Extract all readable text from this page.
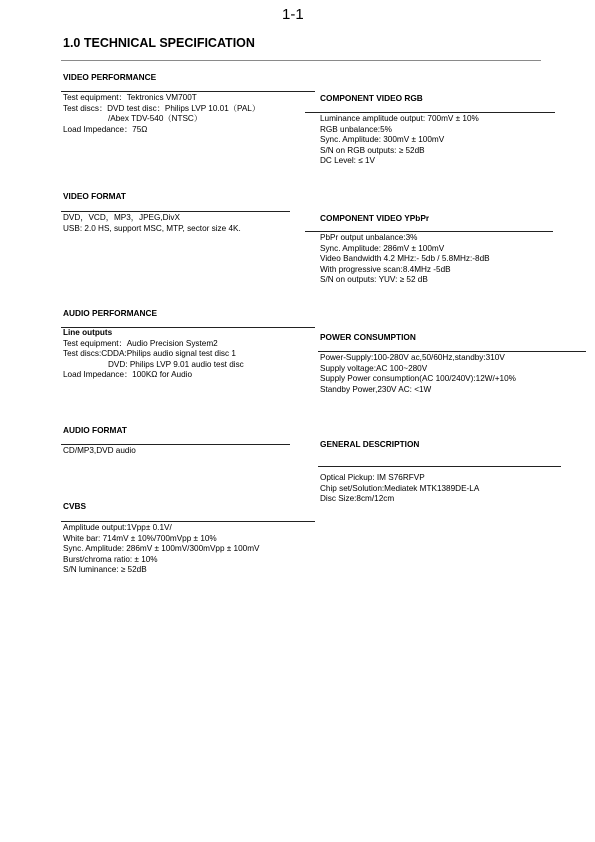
1-1
1.0 TECHNICAL SPECIFICATION
VIDEO PERFORMANCE
Test equipment：Tektronics VM700T
Test discs：DVD test disc：Philips LVP 10.01（PAL）
/Abex TDV-540（NTSC）
Load Impedance：75Ω
VIDEO FORMAT
DVD，VCD，MP3，JPEG,DivX
USB: 2.0 HS, support MSC, MTP, sector size 4K.
AUDIO PERFORMANCE
Line outputs
Test equipment：Audio Precision System2
Test discs:CDDA:Philips audio signal test disc 1
DVD: Philips LVP 9.01 audio test disc
Load Impedance：100KΩ for Audio
AUDIO FORMAT
CD/MP3,DVD audio
CVBS
Amplitude output:1Vpp± 0.1V/
White bar: 714mV ± 10%/700mVpp ± 10%
Sync. Amplitude: 286mV ± 100mV/300mVpp ± 100mV
Burst/chroma ratio: ± 10%
S/N luminance: ≥ 52dB
COMPONENT VIDEO RGB
Luminance amplitude output: 700mV ± 10%
RGB unbalance:5%
Sync. Amplitude: 300mV ± 100mV
S/N on RGB outputs: ≥ 52dB
DC Level: ≤ 1V
COMPONENT VIDEO YPbPr
PbPr output unbalance:3%
Sync. Amplitude: 286mV ± 100mV
Video Bandwidth 4.2 MHz:- 5db / 5.8MHz:-8dB
With progressive scan:8.4MHz -5dB
S/N on outputs: YUV: ≥ 52 dB
POWER CONSUMPTION
Power-Supply:100-280V ac,50/60Hz,standby:310V
Supply voltage:AC 100~280V
Supply Power consumption(AC 100/240V):12W/+10%
Standby Power,230V AC: <1W
GENERAL DESCRIPTION
Optical Pickup: IM S76RFVP
Chip set/Solution:Mediatek MTK1389DE-LA
Disc Size:8cm/12cm
